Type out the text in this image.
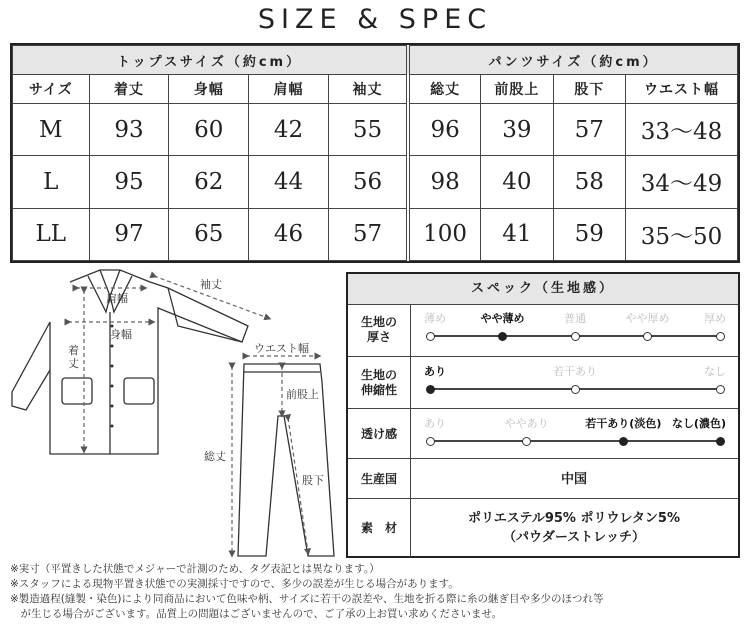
SIZE & SPEC
トップスサイズ（約cm）					パンツサイズ（約cm）			
サイズ	着丈	身幅	肩幅	袖丈	総丈	前股上	股下	ウエスト幅
M	93	60	42	55	96	39	57	33〜48
L	95	62	44	56	98	40	58	34〜49
LL	97	65	46	57	100	41	59	35〜50
肩幅
身幅
着
丈
袖丈
ウエスト幅
前股上
総丈
股下
スペック（生地感）
生地の
厚さ
薄め	やや薄め	普通	やや厚め	厚め
生地の
伸縮性
あり	若干あり	なし
透け感
あり	ややあり	若干あり(淡色) なし(濃色)
生産国	中国
素　材
ポリエステル95% ポリウレタン5%
（パウダーストレッチ）
※実寸（平置きした状態でメジャーで計測のため、タグ表記とは異なります。）
※スタッフによる現物平置き状態での実測採寸ですので、多少の誤差が生じる場合があります。
※製造過程(縫製・染色)により同商品において色味や柄、サイズに若干の誤差や、生地を折る際に糸の継ぎ目や多少のほつれ等
　が生じる場合がございます。品質上の問題はございませんので、ご了承の上お買い求めくださいませ。
